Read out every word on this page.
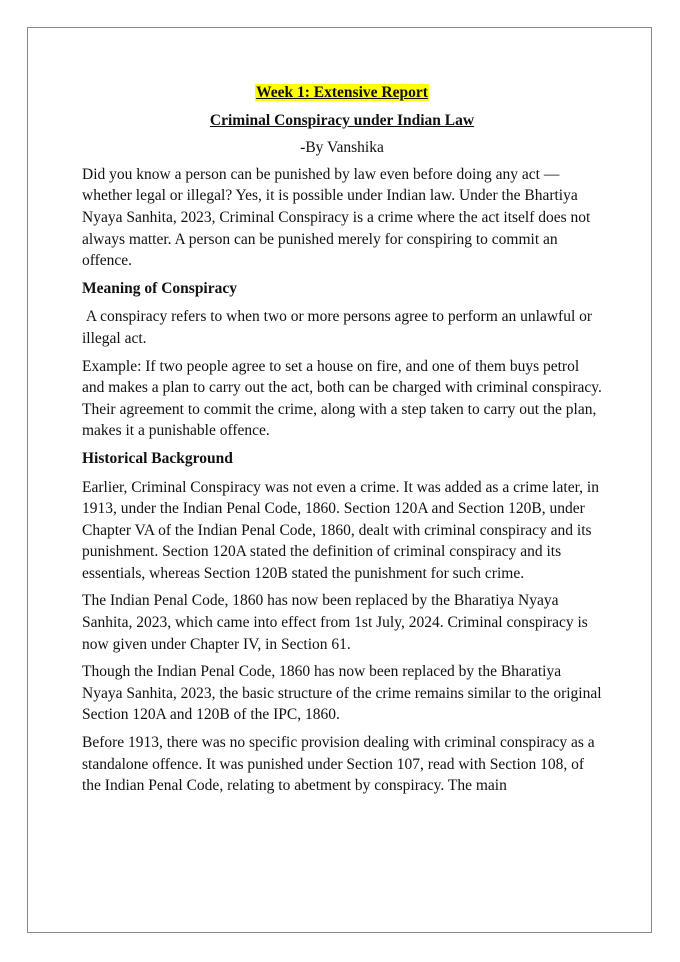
Week 1: Extensive Report
Criminal Conspiracy under Indian Law
-By Vanshika

Did you know a person can be punished by law even before doing any act — whether legal or illegal? Yes, it is possible under Indian law. Under the Bhartiya Nyaya Sanhita, 2023, Criminal Conspiracy is a crime where the act itself does not always matter. A person can be punished merely for conspiring to commit an offence.

Meaning of Conspiracy

A conspiracy refers to when two or more persons agree to perform an unlawful or illegal act.

Example: If two people agree to set a house on fire, and one of them buys petrol and makes a plan to carry out the act, both can be charged with criminal conspiracy. Their agreement to commit the crime, along with a step taken to carry out the plan, makes it a punishable offence.

Historical Background

Earlier, Criminal Conspiracy was not even a crime. It was added as a crime later, in 1913, under the Indian Penal Code, 1860. Section 120A and Section 120B, under Chapter VA of the Indian Penal Code, 1860, dealt with criminal conspiracy and its punishment. Section 120A stated the definition of criminal conspiracy and its essentials, whereas Section 120B stated the punishment for such crime.

The Indian Penal Code, 1860 has now been replaced by the Bharatiya Nyaya Sanhita, 2023, which came into effect from 1st July, 2024. Criminal conspiracy is now given under Chapter IV, in Section 61.

Though the Indian Penal Code, 1860 has now been replaced by the Bharatiya Nyaya Sanhita, 2023, the basic structure of the crime remains similar to the original Section 120A and 120B of the IPC, 1860.

Before 1913, there was no specific provision dealing with criminal conspiracy as a standalone offence. It was punished under Section 107, read with Section 108, of the Indian Penal Code, relating to abetment by conspiracy. The main
